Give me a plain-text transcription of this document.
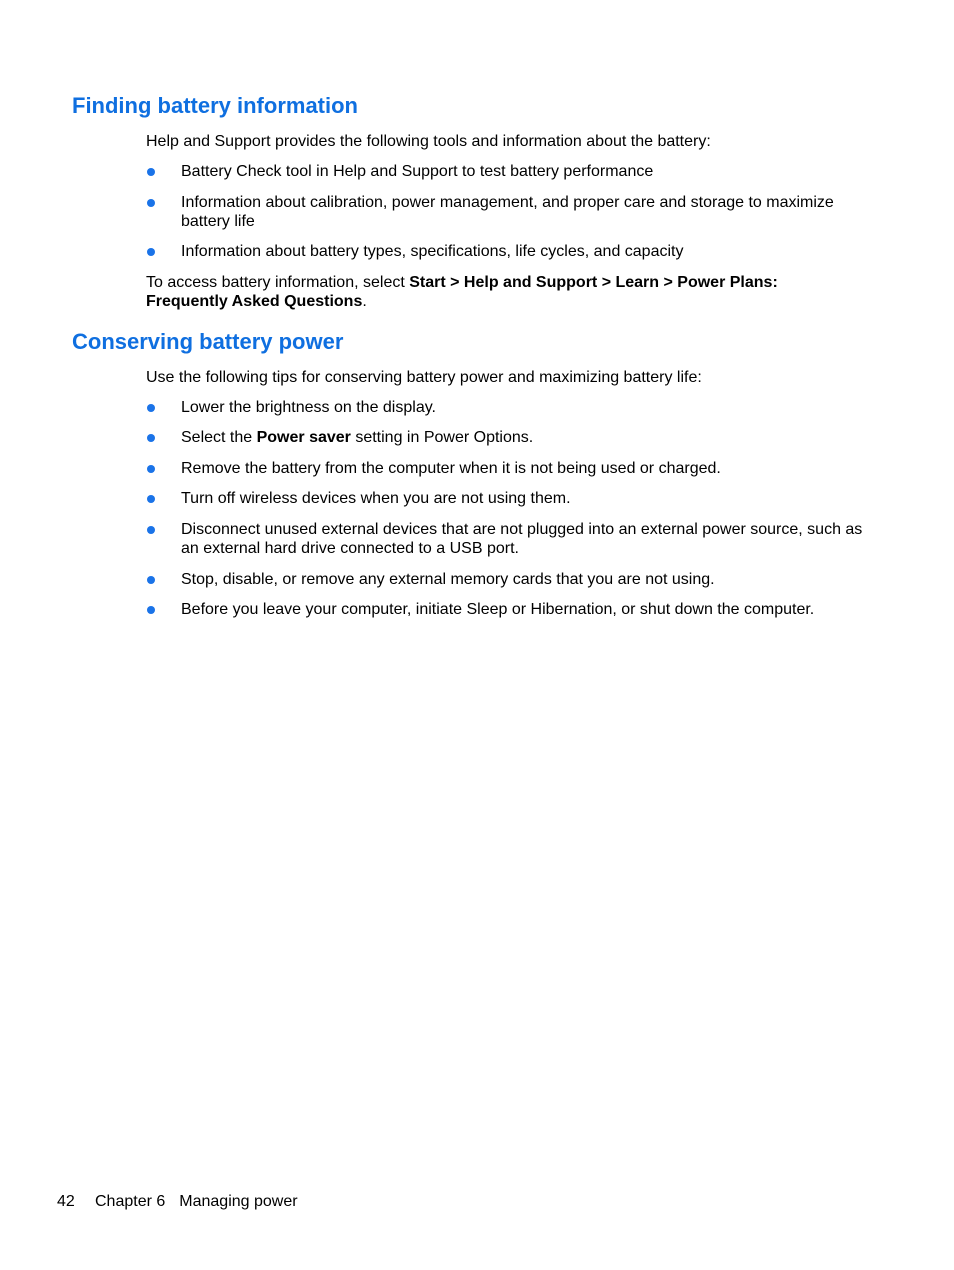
Finding battery information

Help and Support provides the following tools and information about the battery:

Battery Check tool in Help and Support to test battery performance
Information about calibration, power management, and proper care and storage to maximize battery life
Information about battery types, specifications, life cycles, and capacity

To access battery information, select Start > Help and Support > Learn > Power Plans: Frequently Asked Questions.

Conserving battery power

Use the following tips for conserving battery power and maximizing battery life:

Lower the brightness on the display.
Select the Power saver setting in Power Options.
Remove the battery from the computer when it is not being used or charged.
Turn off wireless devices when you are not using them.
Disconnect unused external devices that are not plugged into an external power source, such as an external hard drive connected to a USB port.
Stop, disable, or remove any external memory cards that you are not using.
Before you leave your computer, initiate Sleep or Hibernation, or shut down the computer.
42 Chapter 6 Managing power
